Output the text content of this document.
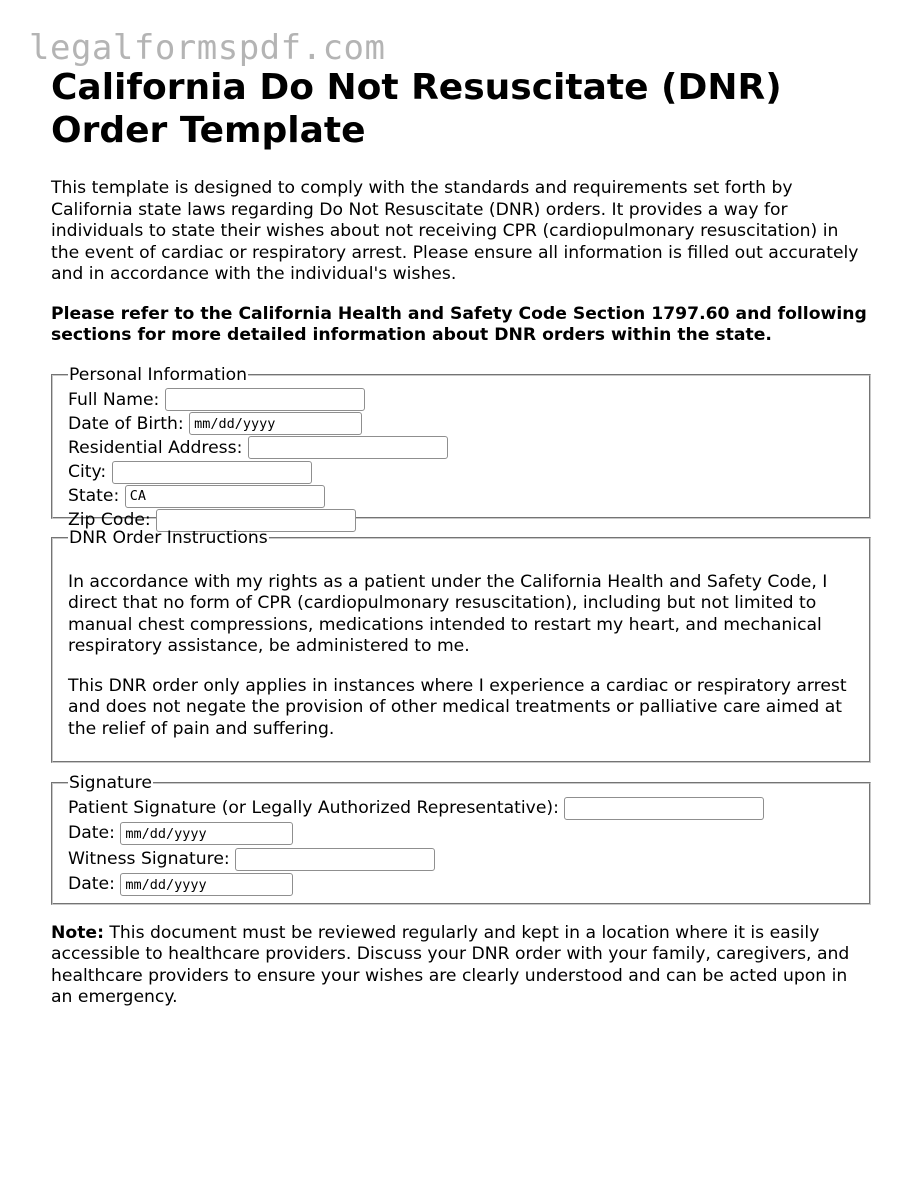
legalformspdf.com
California Do Not Resuscitate (DNR) Order Template

This template is designed to comply with the standards and requirements set forth by California state laws regarding Do Not Resuscitate (DNR) orders. It provides a way for individuals to state their wishes about not receiving CPR (cardiopulmonary resuscitation) in the event of cardiac or respiratory arrest. Please ensure all information is filled out accurately and in accordance with the individual's wishes.

Please refer to the California Health and Safety Code Section 1797.60 and following sections for more detailed information about DNR orders within the state.

Personal Information
Full Name:
Date of Birth: mm/dd/yyyy
Residential Address:
City:
State: CA
Zip Code:
DNR Order Instructions

In accordance with my rights as a patient under the California Health and Safety Code, I direct that no form of CPR (cardiopulmonary resuscitation), including but not limited to manual chest compressions, medications intended to restart my heart, and mechanical respiratory assistance, be administered to me.

This DNR order only applies in instances where I experience a cardiac or respiratory arrest and does not negate the provision of other medical treatments or palliative care aimed at the relief of pain and suffering.

Signature
Patient Signature (or Legally Authorized Representative):
Date: mm/dd/yyyy
Witness Signature:
Date: mm/dd/yyyy

Note: This document must be reviewed regularly and kept in a location where it is easily accessible to healthcare providers. Discuss your DNR order with your family, caregivers, and healthcare providers to ensure your wishes are clearly understood and can be acted upon in an emergency.
